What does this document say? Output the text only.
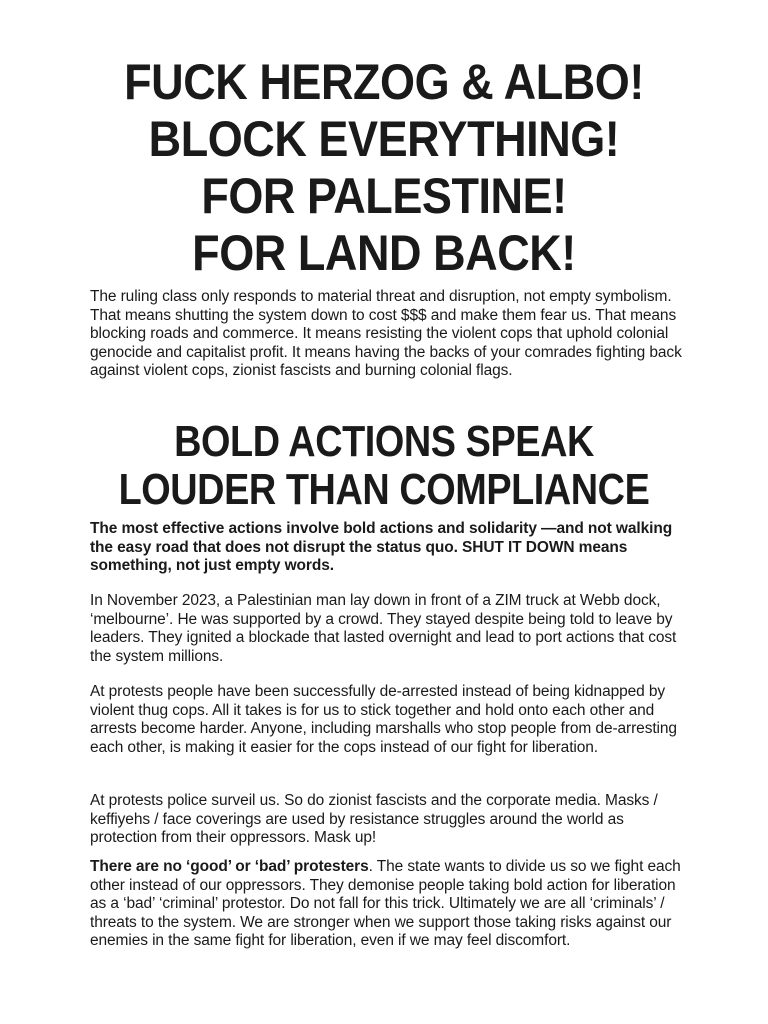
FUCK HERZOG & ALBO!
BLOCK EVERYTHING!
FOR PALESTINE!
FOR LAND BACK!

The ruling class only responds to material threat and disruption, not empty symbolism. That means shutting the system down to cost $$$ and make them fear us. That means blocking roads and commerce. It means resisting the violent cops that uphold colonial genocide and capitalist profit. It means having the backs of your comrades fighting back against violent cops, zionist fascists and burning colonial flags.

BOLD ACTIONS SPEAK
LOUDER THAN COMPLIANCE

The most effective actions involve bold actions and solidarity —and not walking the easy road that does not disrupt the status quo. SHUT IT DOWN means something, not just empty words.

In November 2023, a Palestinian man lay down in front of a ZIM truck at Webb dock, ‘melbourne’. He was supported by a crowd. They stayed despite being told to leave by leaders. They ignited a blockade that lasted overnight and lead to port actions that cost the system millions.

At protests people have been successfully de-arrested instead of being kidnapped by violent thug cops. All it takes is for us to stick together and hold onto each other and arrests become harder. Anyone, including marshalls who stop people from de-arresting each other, is making it easier for the cops instead of our fight for liberation.

At protests police surveil us. So do zionist fascists and the corporate media. Masks / keffiyehs / face coverings are used by resistance struggles around the world as protection from their oppressors. Mask up!

There are no ‘good’ or ‘bad’ protesters. The state wants to divide us so we fight each other instead of our oppressors. They demonise people taking bold action for liberation as a ‘bad’ ‘criminal’ protestor. Do not fall for this trick. Ultimately we are all ‘criminals’ / threats to the system. We are stronger when we support those taking risks against our enemies in the same fight for liberation, even if we may feel discomfort.
